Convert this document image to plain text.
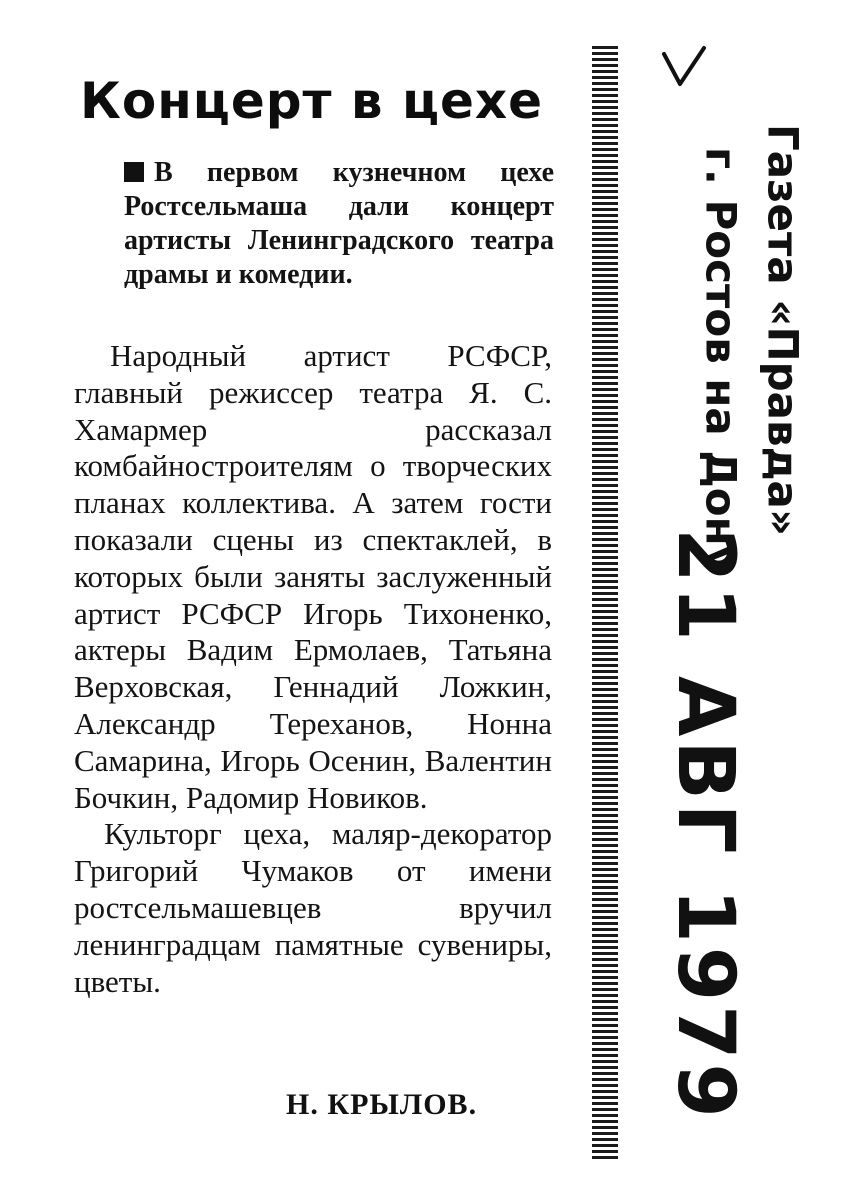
Концерт в цехе

В первом кузнечном цехе Ростсельмаша дали концерт артисты Ленинградского театра драмы и комедии.

Народный артист РСФСР, главный режиссер театра Я. С. Хамармер рассказал комбайностроителям о творческих планах коллектива. А затем гости показали сцены из спектаклей, в которых были заняты заслуженный артист РСФСР Игорь Тихоненко, актеры Вадим Ермолаев, Татьяна Верховская, Геннадий Ложкин, Александр Тереханов, Нонна Самарина, Игорь Осенин, Валентин Бочкин, Радомир Новиков.

Культорг цеха, маляр-декоратор Григорий Чумаков от имени ростсельмашевцев вручил ленинградцам памятные сувениры, цветы.

Н. КРЫЛОВ.
г. Ростов на Дону Газета «Правда»
21 АВГ 1979
